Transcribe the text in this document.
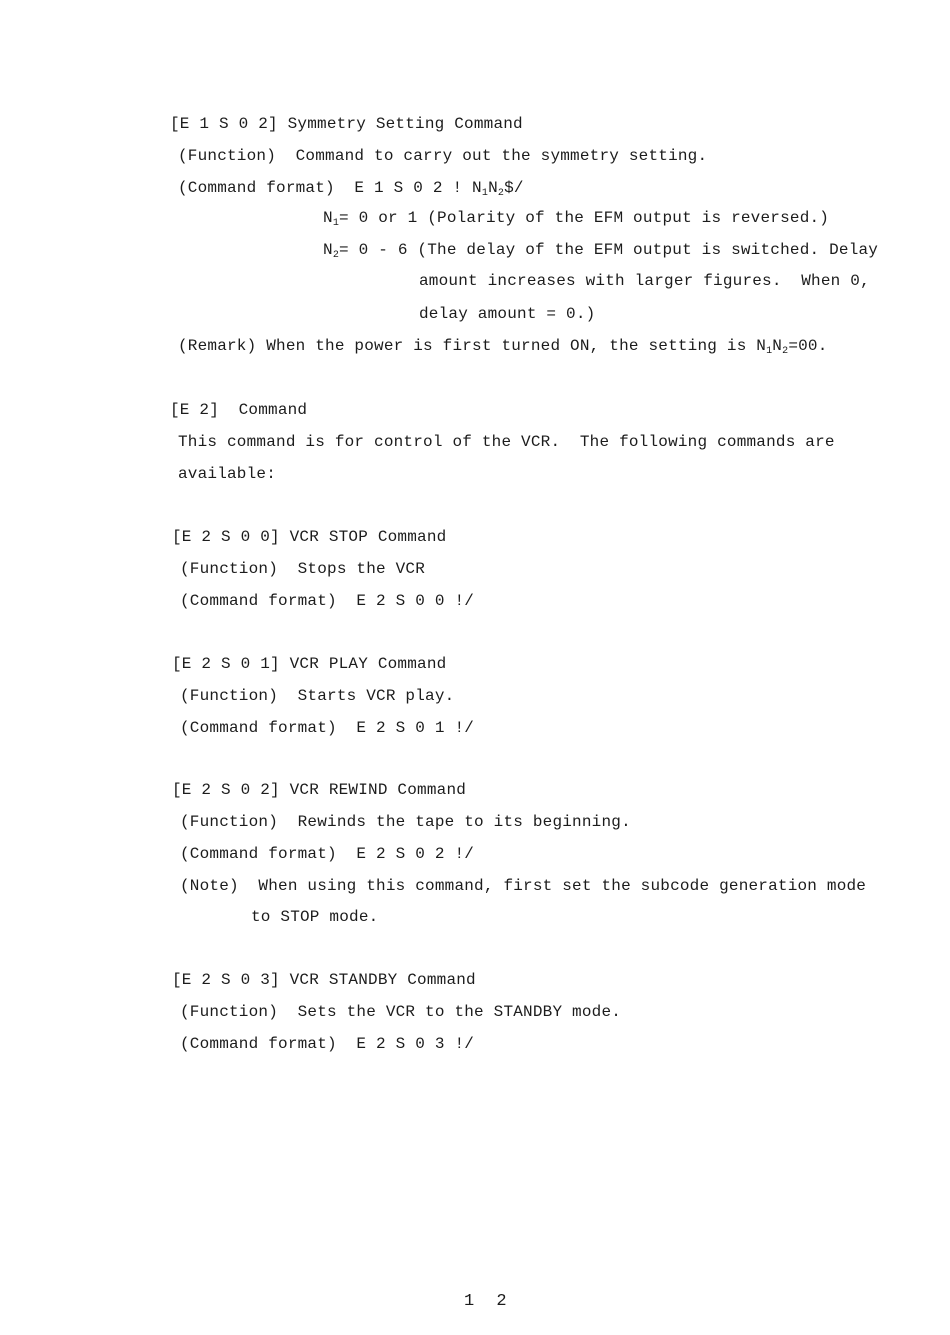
[E 1 S 0 2] Symmetry Setting Command
(Function)  Command to carry out the symmetry setting.
(Command format)  E 1 S 0 2 ! $N_1N_2\$/$
$N_1= 0$ or 1 (Polarity of the EFM output is reversed.)
$N_2= 0 - 6$ (The delay of the EFM output is switched. Delay
amount increases with larger figures.  When 0,
delay amount = 0.)
(Remark) When the power is first turned ON, the setting is $N_1N_2=00$.
[E 2]  Command
This command is for control of the VCR.  The following commands are
available:
[E 2 S 0 0] VCR STOP Command
(Function)  Stops the VCR
(Command format)  E 2 S 0 0 !/
[E 2 S 0 1] VCR PLAY Command
(Function)  Starts VCR play.
(Command format)  E 2 S 0 1 !/
[E 2 S 0 2] VCR REWIND Command
(Function)  Rewinds the tape to its beginning.
(Command format)  E 2 S 0 2 !/
(Note)  When using this command, first set the subcode generation mode
to STOP mode.
[E 2 S 0 3] VCR STANDBY Command
(Function)  Sets the VCR to the STANDBY mode.
(Command format)  E 2 S 0 3 !/
1 2
